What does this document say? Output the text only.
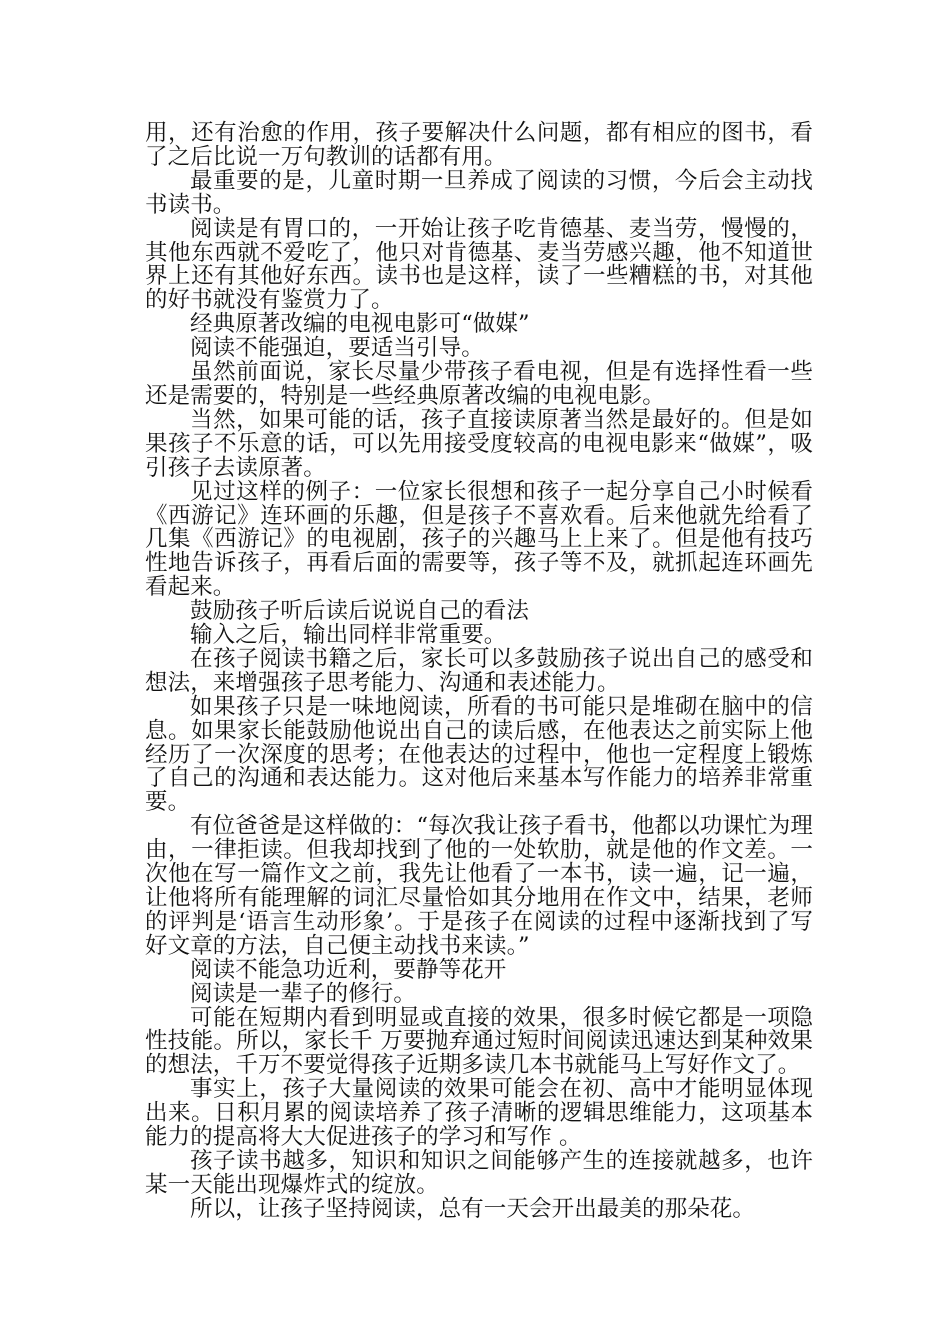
用，还有治愈的作用，孩子要解决什么问题，都有相应的图书，看了之后比说一万句教训的话都有用。

最重要的是，儿童时期一旦养成了阅读的习惯，今后会主动找书读书。

阅读是有胃口的，一开始让孩子吃肯德基、麦当劳，慢慢的，其他东西就不爱吃了，他只对肯德基、麦当劳感兴趣，他不知道世界上还有其他好东西。读书也是这样，读了一些糟糕的书，对其他的好书就没有鉴赏力了。

经典原著改编的电视电影可“做媒”

阅读不能强迫，要适当引导。

虽然前面说，家长尽量少带孩子看电视，但是有选择性看一些还是需要的，特别是一些经典原著改编的电视电影。

当然，如果可能的话，孩子直接读原著当然是最好的。但是如果孩子不乐意的话，可以先用接受度较高的电视电影来“做媒”，吸引孩子去读原著。

见过这样的例子：一位家长很想和孩子一起分享自己小时候看《西游记》连环画的乐趣，但是孩子不喜欢看。后来他就先给看了几集《西游记》的电视剧，孩子的兴趣马上上来了。但是他有技巧性地告诉孩子，再看后面的需要等，孩子等不及，就抓起连环画先看起来。

鼓励孩子听后读后说说自己的看法

输入之后，输出同样非常重要。

在孩子阅读书籍之后，家长可以多鼓励孩子说出自己的感受和想法，来增强孩子思考能力、沟通和表述能力。

如果孩子只是一味地阅读，所看的书可能只是堆砌在脑中的信息。如果家长能鼓励他说出自己的读后感，在他表达之前实际上他经历了一次深度的思考；在他表达的过程中，他也一定程度上锻炼了自己的沟通和表达能力。这对他后来基本写作能力的培养非常重要。

有位爸爸是这样做的：“每次我让孩子看书，他都以功课忙为理由，一律拒读。但我却找到了他的一处软肋，就是他的作文差。一次他在写一篇作文之前，我先让他看了一本书，读一遍，记一遍，让他将所有能理解的词汇尽量恰如其分地用在作文中，结果，老师的评判是‘语言生动形象’。于是孩子在阅读的过程中逐渐找到了写好文章的方法，自己便主动找书来读。”

阅读不能急功近利，要静等花开

阅读是一辈子的修行。

可能在短期内看到明显或直接的效果，很多时候它都是一项隐性技能。所以，家长千 万要抛弃通过短时间阅读迅速达到某种效果的想法，千万不要觉得孩子近期多读几本书就能马上写好作文了。

事实上，孩子大量阅读的效果可能会在初、高中才能明显体现出来。日积月累的阅读培养了孩子清晰的逻辑思维能力，这项基本能力的提高将大大促进孩子的学习和写作 。

孩子读书越多，知识和知识之间能够产生的连接就越多，也许某一天能出现爆炸式的绽放。

所以，让孩子坚持阅读，总有一天会开出最美的那朵花。
